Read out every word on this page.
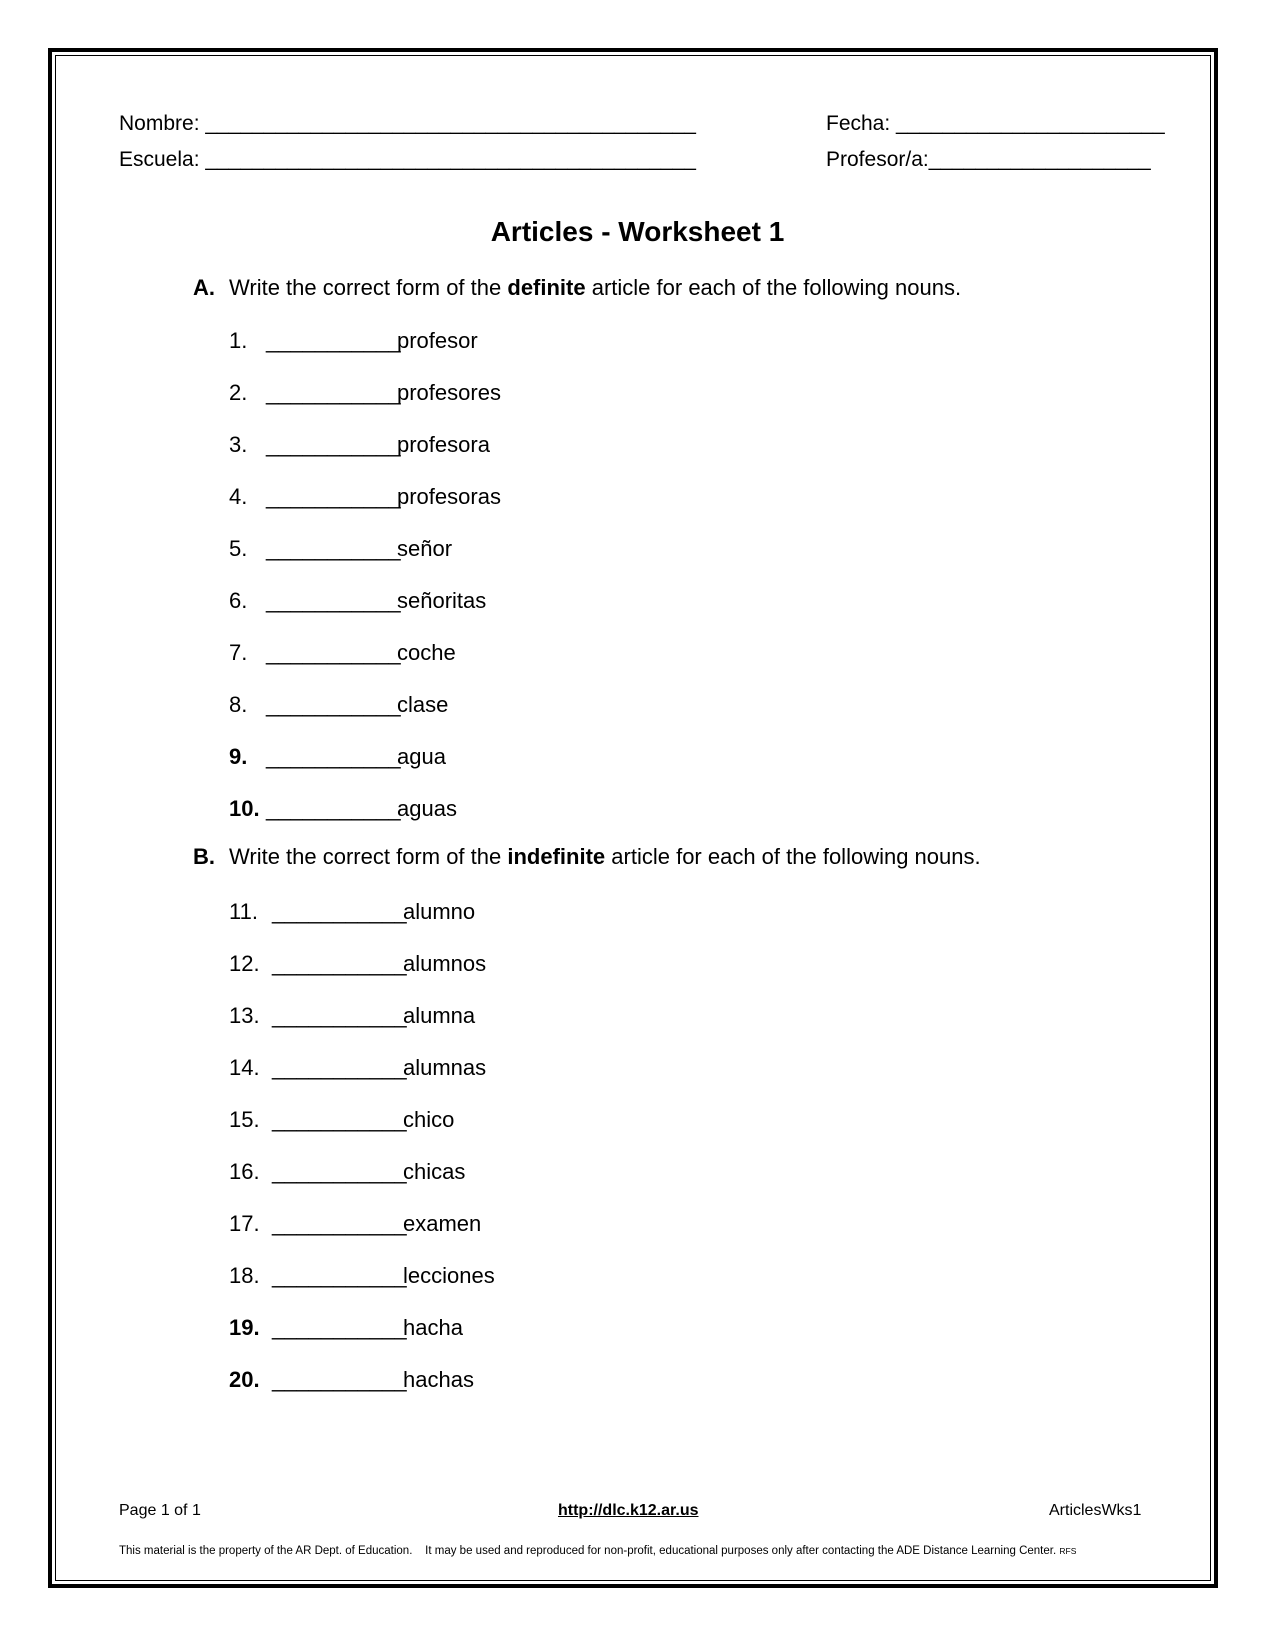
Nombre: __________________________________________
Escuela: __________________________________________
Fecha: _______________________
Profesor/a:___________________
Articles - Worksheet 1
A. Write the correct form of the definite article for each of the following nouns.
1. ___________
profesor
2. ___________
profesores
3. ___________
profesora
4. ___________
profesoras
5. ___________
señor
6. ___________
señoritas
7. ___________
coche
8. ___________
clase
9. ___________
agua
10. ___________
aguas
B. Write the correct form of the indefinite article for each of the following nouns.
11. ___________
alumno
12. ___________
alumnos
13. ___________
alumna
14. ___________
alumnas
15. ___________
chico
16. ___________
chicas
17. ___________
examen
18. ___________
lecciones
19. ___________
hacha
20. ___________
hachas
Page 1 of 1	http://dlc.k12.ar.us	ArticlesWks1
This material is the property of the AR Dept. of Education.    It may be used and reproduced for non-profit, educational purposes only after contacting the ADE Distance Learning Center. RFS
